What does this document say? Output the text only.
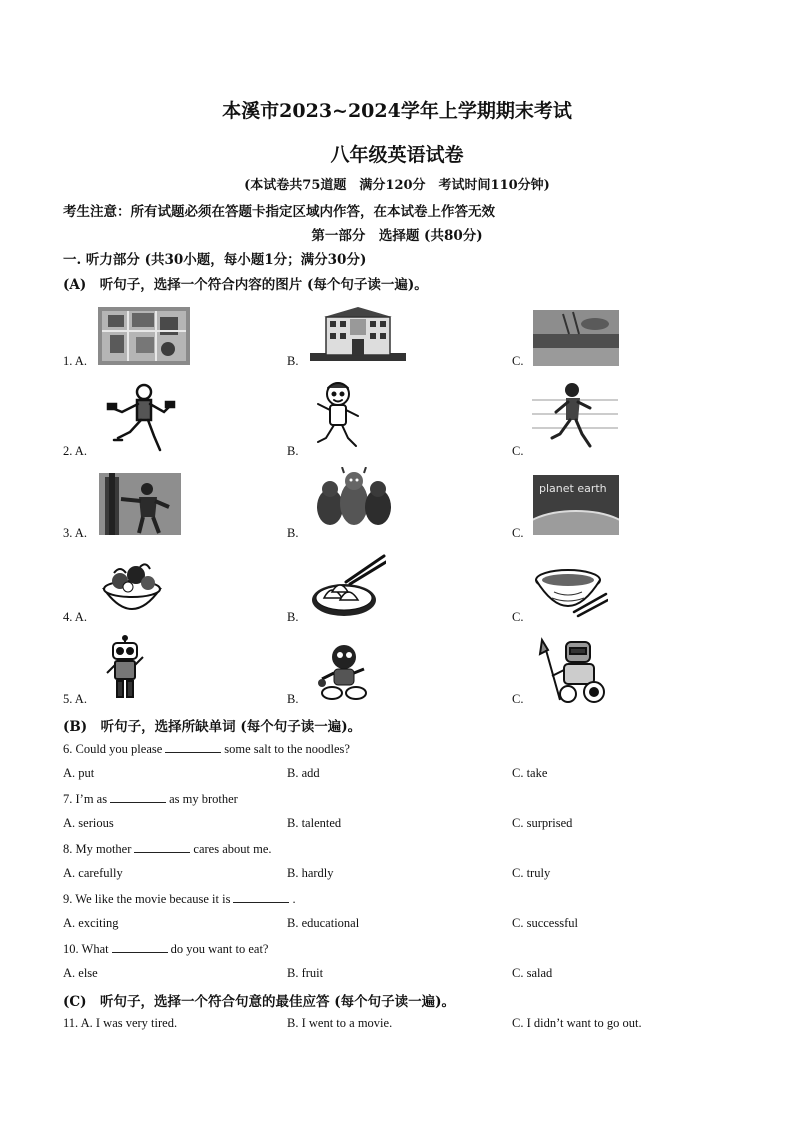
本溪市2023~2024学年上学期期末考试
八年级英语试卷
(本试卷共75道题　满分120分　考试时间110分钟)
考生注意：所有试题必须在答题卡指定区域内作答，在本试卷上作答无效
第一部分　选择题 (共80分)
一. 听力部分 (共30小题，每小题1分；满分30分)
(A)　听句子，选择一个符合内容的图片 (每个句子读一遍)。
1. A.	B.	C.
2. A.	B.	C.
3. A.	B.	C.
planet earth
4. A.	B.	C.
5. A.	B.	C.
(B)　听句子，选择所缺单词 (每个句子读一遍)。
6. Could you please	some salt to the noodles?
A. put	B. add	C. take
7. I’m as	as my brother
A. serious	B. talented	C. surprised
8. My mother	cares about me.
A. carefully	B. hardly	C. truly
9. We like the movie because it is	.
A. exciting	B. educational	C. successful
10. What	do you want to eat?
A. else	B. fruit	C. salad
(C)　听句子，选择一个符合句意的最佳应答 (每个句子读一遍)。
11. A. I was very tired.	B. I went to a movie.	C. I didn’t want to go out.
